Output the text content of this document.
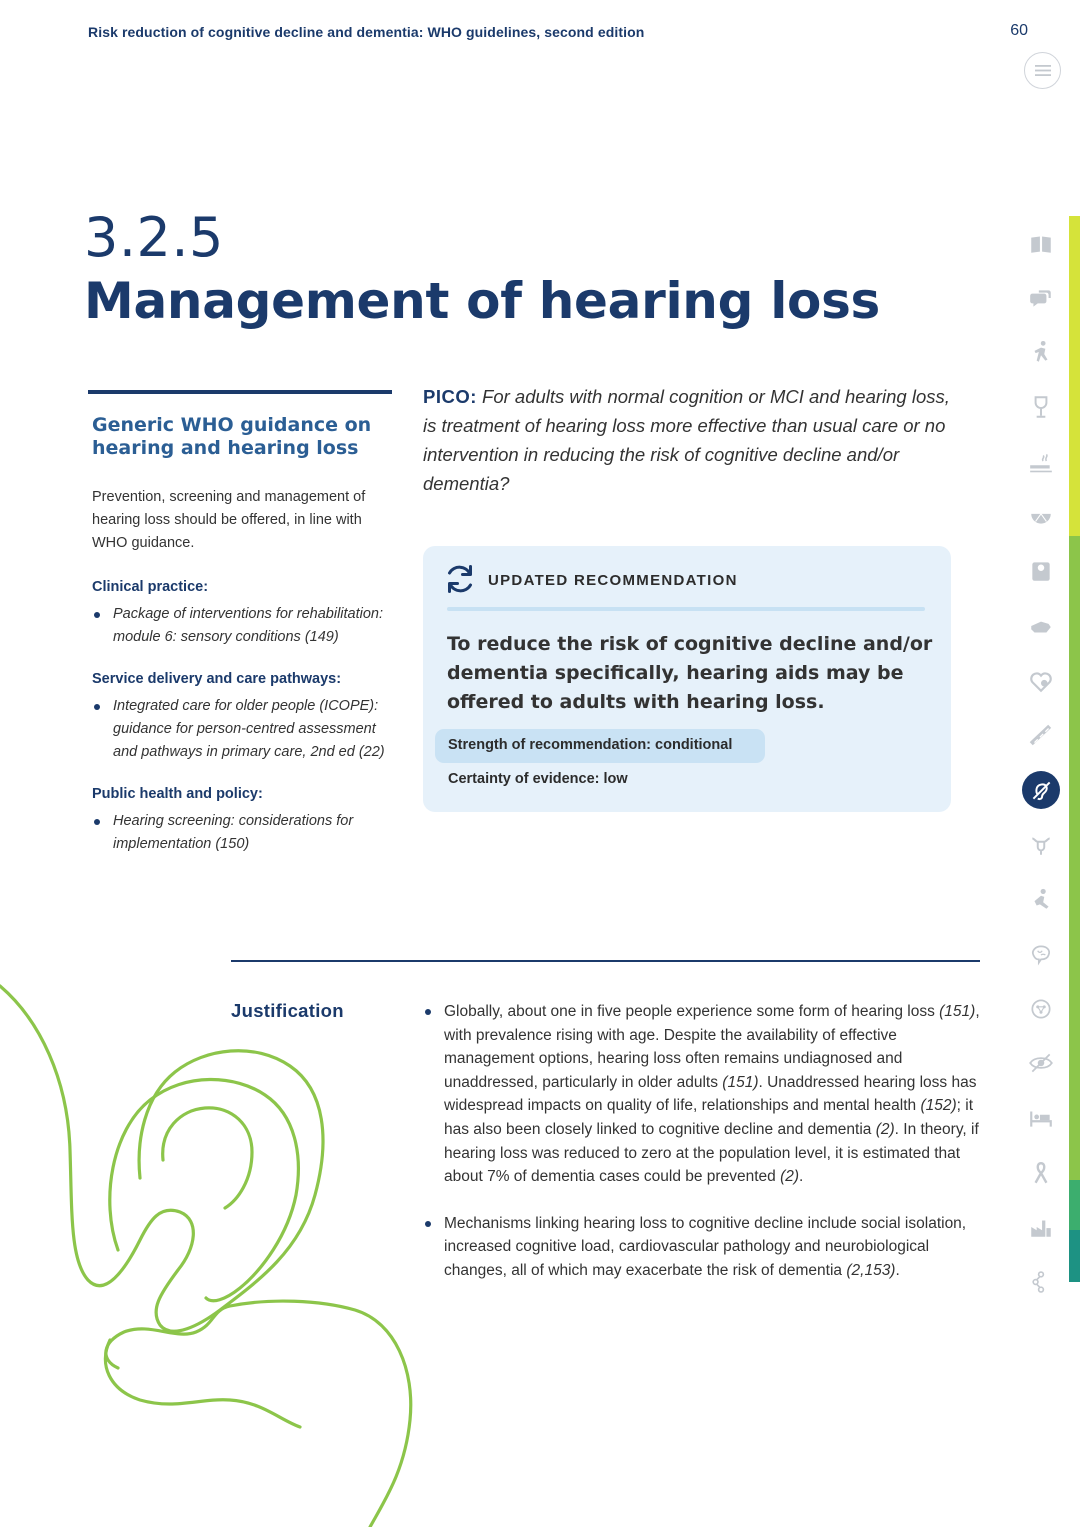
Risk reduction of cognitive decline and dementia: WHO guidelines, second edition	60
3.2.5
Management of hearing loss
Generic WHO guidance on hearing and hearing loss
Prevention, screening and management of hearing loss should be offered, in line with WHO guidance.
Clinical practice:
Package of interventions for rehabilitation: module 6: sensory conditions (149)
Service delivery and care pathways:
Integrated care for older people (ICOPE): guidance for person-centred assessment and pathways in primary care, 2nd ed (22)
Public health and policy:
Hearing screening: considerations for implementation (150)
PICO: For adults with normal cognition or MCI and hearing loss, is treatment of hearing loss more effective than usual care or no intervention in reducing the risk of cognitive decline and/or dementia?
UPDATED RECOMMENDATION
To reduce the risk of cognitive decline and/or dementia specifically, hearing aids may be offered to adults with hearing loss.
Strength of recommendation: conditional
Certainty of evidence: low
Justification	Globally, about one in five people experience some form of hearing loss (151), with prevalence rising with age. Despite the availability of effective management options, hearing loss often remains undiagnosed and unaddressed, particularly in older adults (151). Unaddressed hearing loss has widespread impacts on quality of life, relationships and mental health (152); it has also been closely linked to cognitive decline and dementia (2). In theory, if hearing loss was reduced to zero at the population level, it is estimated that about 7% of dementia cases could be prevented (2).
Mechanisms linking hearing loss to cognitive decline include social isolation, increased cognitive load, cardiovascular pathology and neurobiological changes, all of which may exacerbate the risk of dementia (2,153).
